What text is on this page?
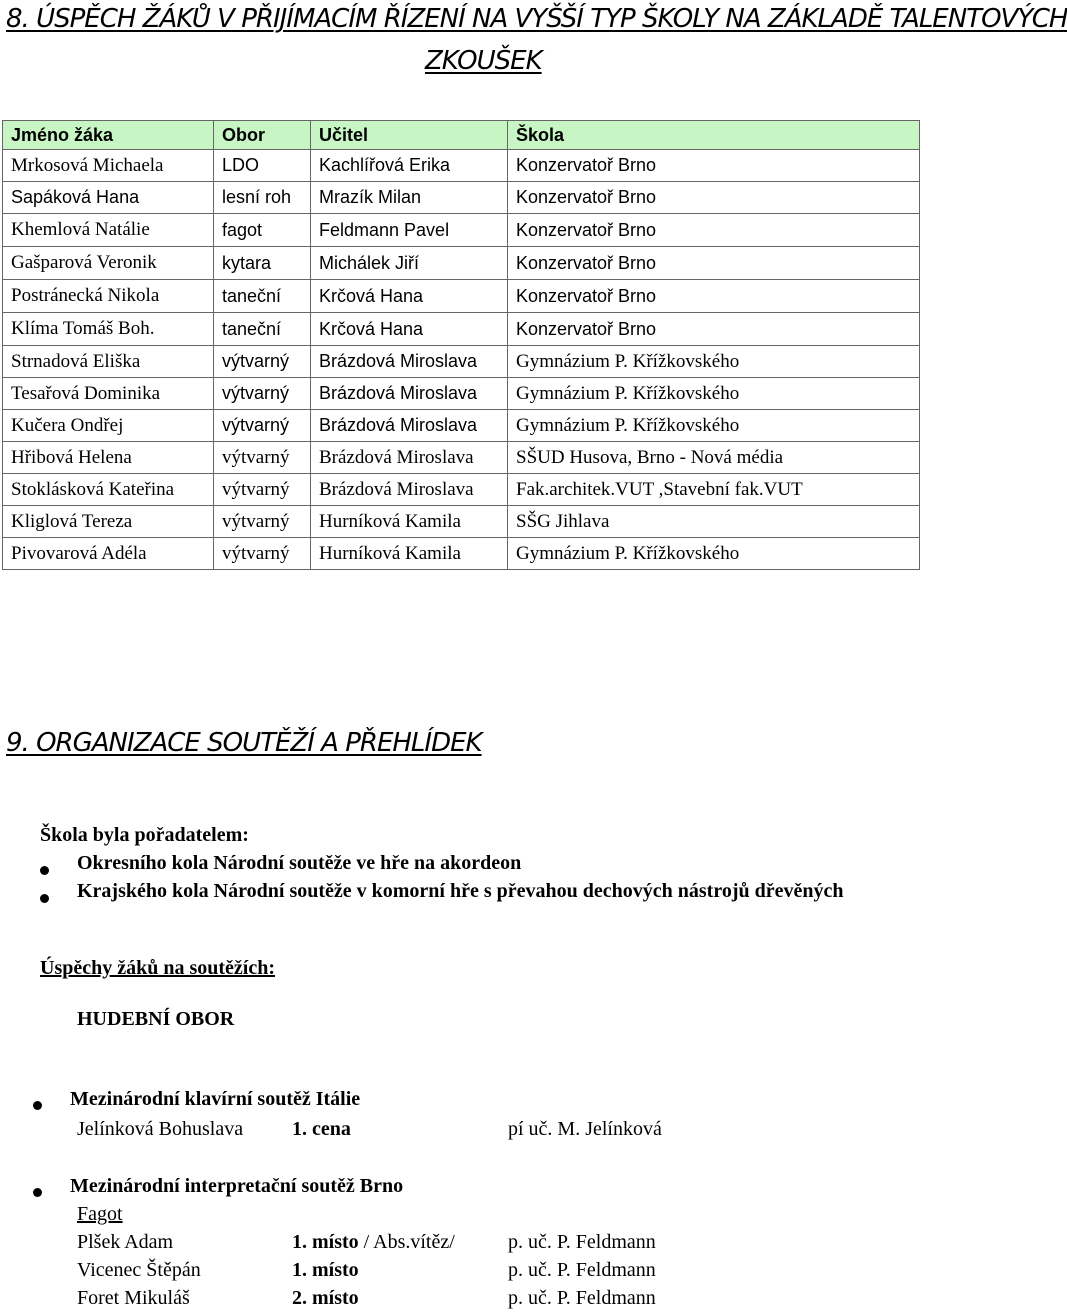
8. ÚSPĚCH ŽÁKŮ V PŘIJÍMACÍM ŘÍZENÍ NA VYŠŠÍ TYP ŠKOLY NA ZÁKLADĚ TALENTOVÝCH
ZKOUŠEK
Jméno žáka	Obor	Učitel	Škola
Mrkosová Michaela	LDO	Kachlířová Erika	Konzervatoř Brno
Sapáková Hana	lesní roh	Mrazík Milan	Konzervatoř Brno
Khemlová Natálie	fagot	Feldmann Pavel	Konzervatoř Brno
Gašparová Veronik	kytara	Michálek Jiří	Konzervatoř Brno
Postránecká Nikola	taneční	Krčová Hana	Konzervatoř Brno
Klíma Tomáš Boh.	taneční	Krčová Hana	Konzervatoř Brno
Strnadová Eliška	výtvarný	Brázdová Miroslava	Gymnázium P. Křížkovského
Tesařová Dominika	výtvarný	Brázdová Miroslava	Gymnázium P. Křížkovského
Kučera Ondřej	výtvarný	Brázdová Miroslava	Gymnázium P. Křížkovského
Hřibová Helena	výtvarný	Brázdová Miroslava	SŠUD Husova, Brno - Nová média
Stoklásková Kateřina	výtvarný	Brázdová Miroslava	Fak.architek.VUT ,Stavební fak.VUT
Kliglová Tereza	výtvarný	Hurníková Kamila	SŠG Jihlava
Pivovarová Adéla	výtvarný	Hurníková Kamila	Gymnázium P. Křížkovského
9. ORGANIZACE SOUTĚŽÍ A PŘEHLÍDEK
Škola byla pořadatelem:
Okresního kola Národní soutěže ve hře na akordeon
Krajského kola Národní soutěže v komorní hře s převahou dechových nástrojů dřevěných
Úspěchy žáků na soutěžích:
HUDEBNÍ OBOR
Mezinárodní klavírní soutěž Itálie
Jelínková Bohuslava 1. cena	pí uč. M. Jelínková
Mezinárodní interpretační soutěž Brno
Fagot
Plšek Adam	1. místo / Abs.vítěz/	p. uč. P. Feldmann
Vicenec Štěpán	1. místo	p. uč. P. Feldmann
Foret Mikuláš	2. místo	p. uč. P. Feldmann
